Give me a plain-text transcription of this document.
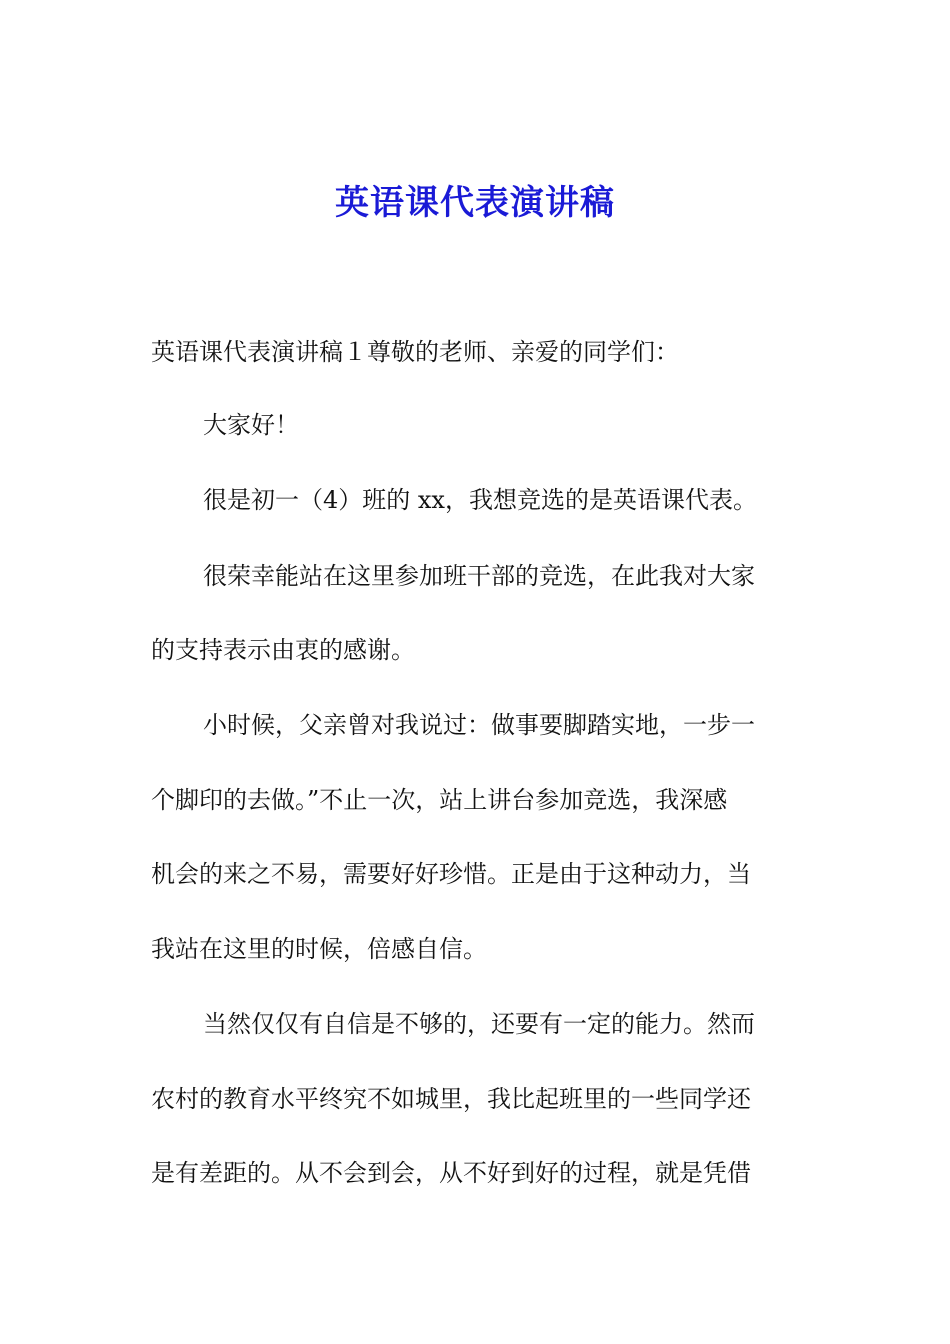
英语课代表演讲稿
英语课代表演讲稿１尊敬的老师、亲爱的同学们：
大家好！
很是初一（4）班的 xx，我想竞选的是英语课代表。
很荣幸能站在这里参加班干部的竞选，在此我对大家
的支持表示由衷的感谢。
小时候，父亲曾对我说过：做事要脚踏实地，一步一
个脚印的去做。”不止一次，站上讲台参加竞选，我深感
机会的来之不易，需要好好珍惜。正是由于这种动力，当
我站在这里的时候，倍感自信。
当然仅仅有自信是不够的，还要有一定的能力。然而
农村的教育水平终究不如城里，我比起班里的一些同学还
是有差距的。从不会到会，从不好到好的过程，就是凭借
